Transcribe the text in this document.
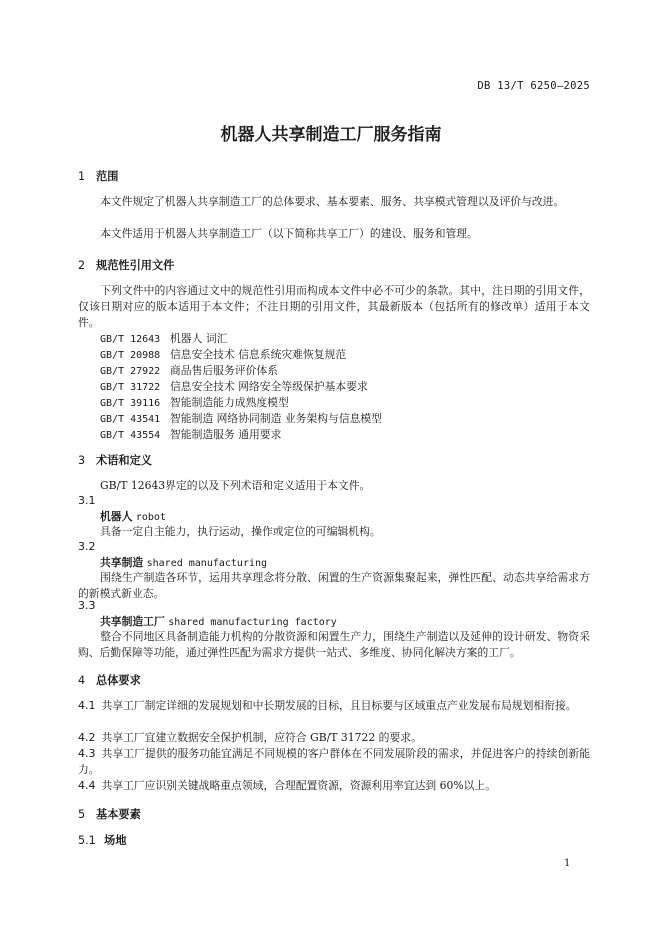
DB 13/T 6250—2025
机器人共享制造工厂服务指南
1 范围
本文件规定了机器人共享制造工厂的总体要求、基本要素、服务、共享模式管理以及评价与改进。
本文件适用于机器人共享制造工厂（以下简称共享工厂）的建设、服务和管理。
2 规范性引用文件
下列文件中的内容通过文中的规范性引用而构成本文件中必不可少的条款。其中，注日期的引用文件，仅该日期对应的版本适用于本文件；不注日期的引用文件，其最新版本（包括所有的修改单）适用于本文件。
GB/T 12643 机器人 词汇
GB/T 20988 信息安全技术 信息系统灾难恢复规范
GB/T 27922 商品售后服务评价体系
GB/T 31722 信息安全技术 网络安全等级保护基本要求
GB/T 39116 智能制造能力成熟度模型
GB/T 43541 智能制造 网络协同制造 业务架构与信息模型
GB/T 43554 智能制造服务 通用要求
3 术语和定义
GB/T 12643界定的以及下列术语和定义适用于本文件。
3.1
机器人 robot
具备一定自主能力，执行运动，操作或定位的可编辑机构。
3.2
共享制造 shared manufacturing
围绕生产制造各环节，运用共享理念将分散、闲置的生产资源集聚起来，弹性匹配、动态共享给需求方的新模式新业态。
3.3
共享制造工厂 shared manufacturing factory
整合不同地区具备制造能力机构的分散资源和闲置生产力，围绕生产制造以及延伸的设计研发、物资采购、后勤保障等功能，通过弹性匹配为需求方提供一站式、多维度、协同化解决方案的工厂。
4 总体要求
4.1 共享工厂制定详细的发展规划和中长期发展的目标，且目标要与区域重点产业发展布局规划相衔接。
4.2 共享工厂宜建立数据安全保护机制，应符合 GB/T 31722 的要求。
4.3 共享工厂提供的服务功能宜满足不同规模的客户群体在不同发展阶段的需求，并促进客户的持续创新能力。
4.4 共享工厂应识别关键战略重点领域，合理配置资源，资源利用率宜达到 60%以上。
5 基本要素
5.1 场地
1
